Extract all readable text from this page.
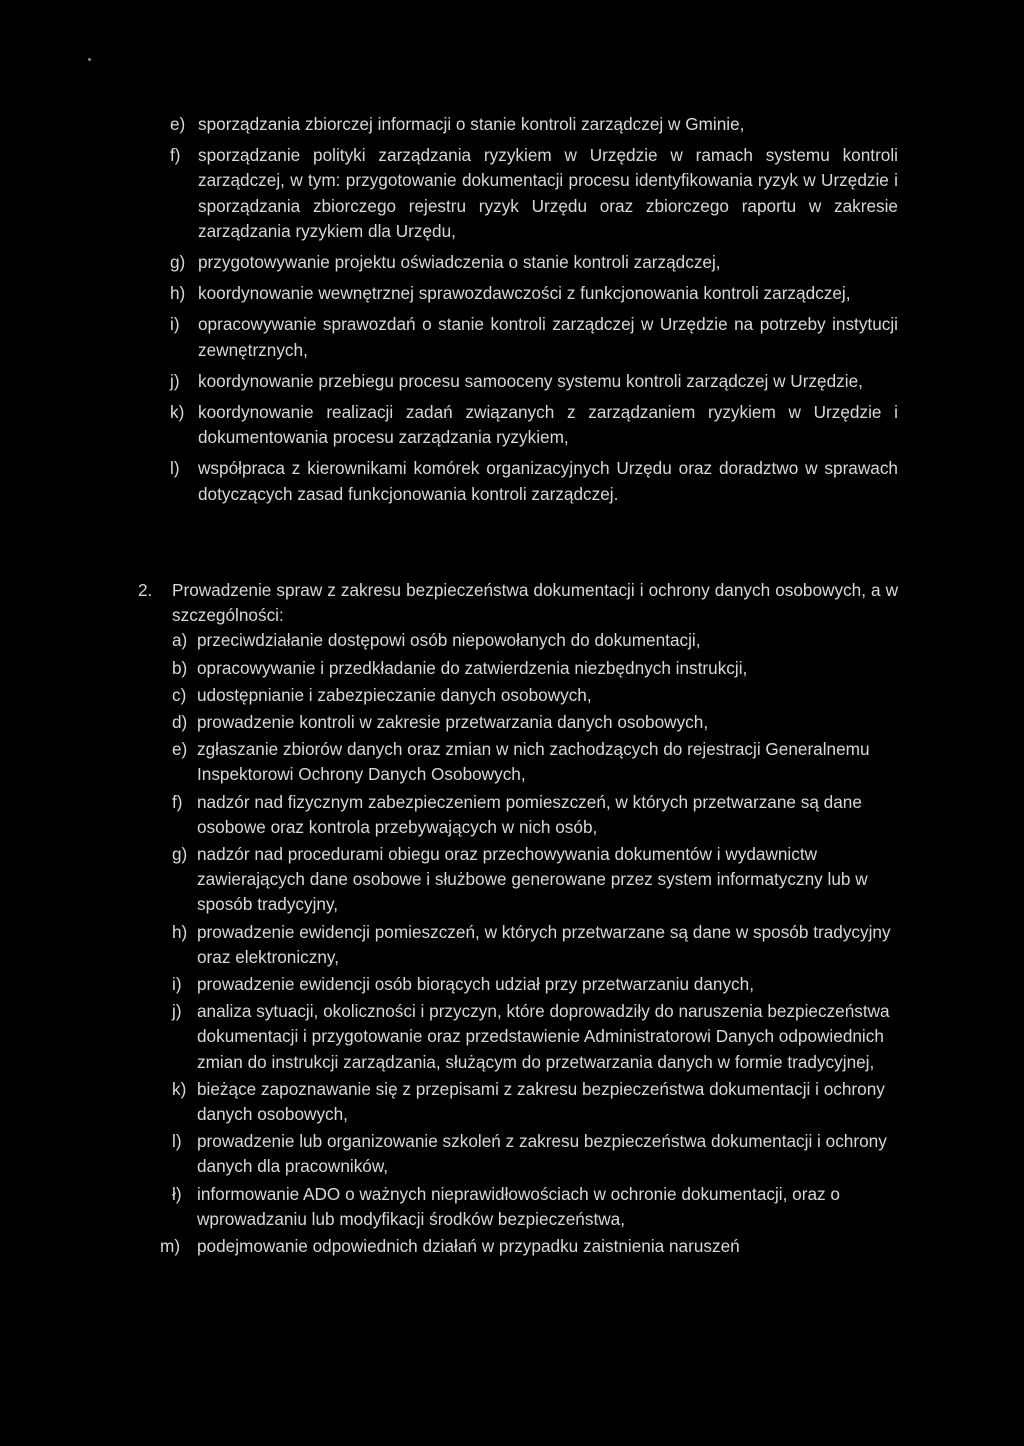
e) sporządzania zbiorczej informacji o stanie kontroli zarządczej w Gminie,
f) sporządzanie polityki zarządzania ryzykiem w Urzędzie w ramach systemu kontroli zarządczej, w tym: przygotowanie dokumentacji procesu identyfikowania ryzyk w Urzędzie i sporządzania zbiorczego rejestru ryzyk Urzędu oraz zbiorczego raportu w zakresie zarządzania ryzykiem dla Urzędu,
g) przygotowywanie projektu oświadczenia o stanie kontroli zarządczej,
h) koordynowanie wewnętrznej sprawozdawczości z funkcjonowania kontroli zarządczej,
i) opracowywanie sprawozdań o stanie kontroli zarządczej w Urzędzie na potrzeby instytucji zewnętrznych,
j) koordynowanie przebiegu procesu samooceny systemu kontroli zarządczej w Urzędzie,
k) koordynowanie realizacji zadań związanych z zarządzaniem ryzykiem w Urzędzie i dokumentowania procesu zarządzania ryzykiem,
l) współpraca z kierownikami komórek organizacyjnych Urzędu oraz doradztwo w sprawach dotyczących zasad funkcjonowania kontroli zarządczej.
2. Prowadzenie spraw z zakresu bezpieczeństwa dokumentacji i ochrony danych osobowych, a w szczególności:
a) przeciwdziałanie dostępowi osób niepowołanych do dokumentacji,
b) opracowywanie i przedkładanie do zatwierdzenia niezbędnych instrukcji,
c) udostępnianie i zabezpieczanie danych osobowych,
d) prowadzenie kontroli w zakresie przetwarzania danych osobowych,
e) zgłaszanie zbiorów danych oraz zmian w nich zachodzących do rejestracji Generalnemu Inspektorowi Ochrony Danych Osobowych,
f) nadzór nad fizycznym zabezpieczeniem pomieszczeń, w których przetwarzane są dane osobowe oraz kontrola przebywających w nich osób,
g) nadzór nad procedurami obiegu oraz przechowywania dokumentów i wydawnictw zawierających dane osobowe i służbowe generowane przez system informatyczny lub w sposób tradycyjny,
h) prowadzenie ewidencji pomieszczeń, w których przetwarzane są dane w sposób tradycyjny oraz elektroniczny,
i) prowadzenie ewidencji osób biorących udział przy przetwarzaniu danych,
j) analiza sytuacji, okoliczności i przyczyn, które doprowadziły do naruszenia bezpieczeństwa dokumentacji i przygotowanie oraz przedstawienie Administratorowi Danych odpowiednich zmian do instrukcji zarządzania, służącym do przetwarzania danych w formie tradycyjnej,
k) bieżące zapoznawanie się z przepisami z zakresu bezpieczeństwa dokumentacji i ochrony danych osobowych,
l) prowadzenie lub organizowanie szkoleń z zakresu bezpieczeństwa dokumentacji i ochrony danych dla pracowników,
ł) informowanie ADO o ważnych nieprawidłowościach w ochronie dokumentacji, oraz o wprowadzaniu lub modyfikacji środków bezpieczeństwa,
m) podejmowanie odpowiednich działań w przypadku zaistnienia naruszeń
